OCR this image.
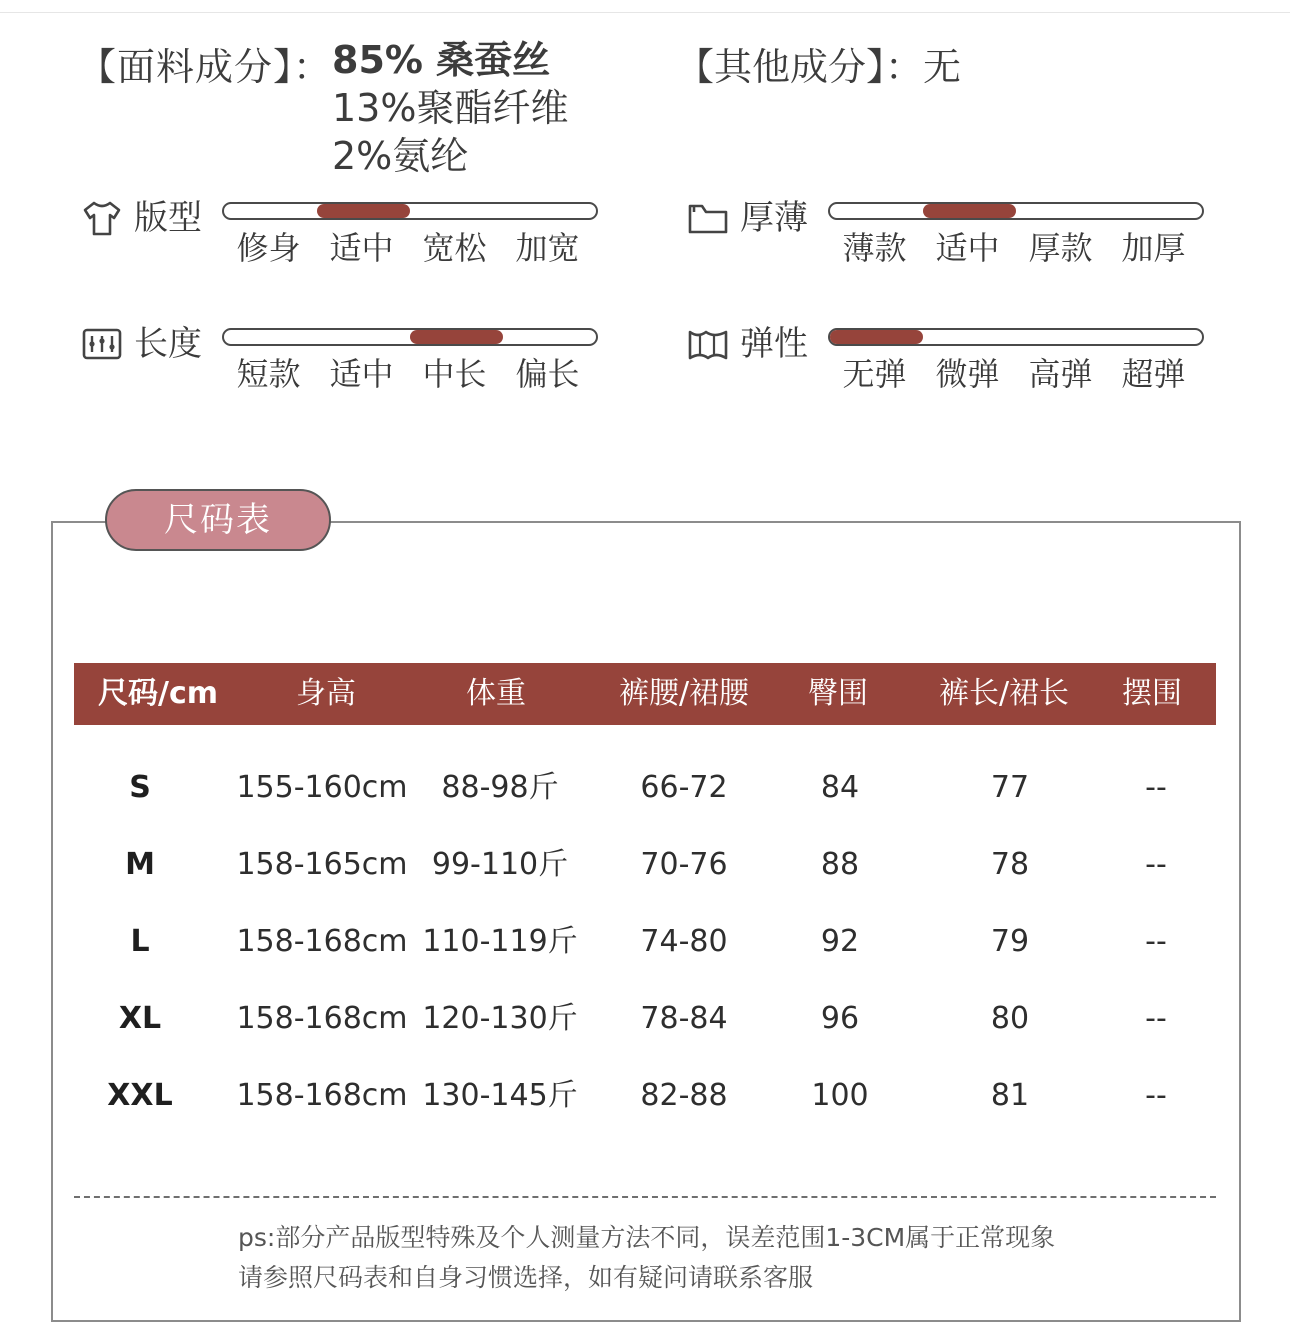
【面料成分】： 85% 桑蚕丝
13%聚酯纤维
2%氨纶
【其他成分】：无
版型
修身 适中 宽松 加宽
厚薄
薄款 适中 厚款 加厚
长度
短款 适中 中长 偏长
弹性
无弹 微弹 高弹 超弹
尺码表
尺码/cm	身高	体重	裤腰/裙腰 臀围 裤长/裙长 摆围
S	155-160cm 88-98斤	66-72	84	77	--
M	158-165cm 99-110斤 70-76	88	78	--
L	158-168cm 110-119斤 74-80	92	79	--
XL	158-168cm 120-130斤 78-84	96	80	--
XXL 158-168cm 130-145斤 82-88	100	81	--
ps:部分产品版型特殊及个人测量方法不同，误差范围1-3CM属于正常现象
请参照尺码表和自身习惯选择，如有疑问请联系客服
